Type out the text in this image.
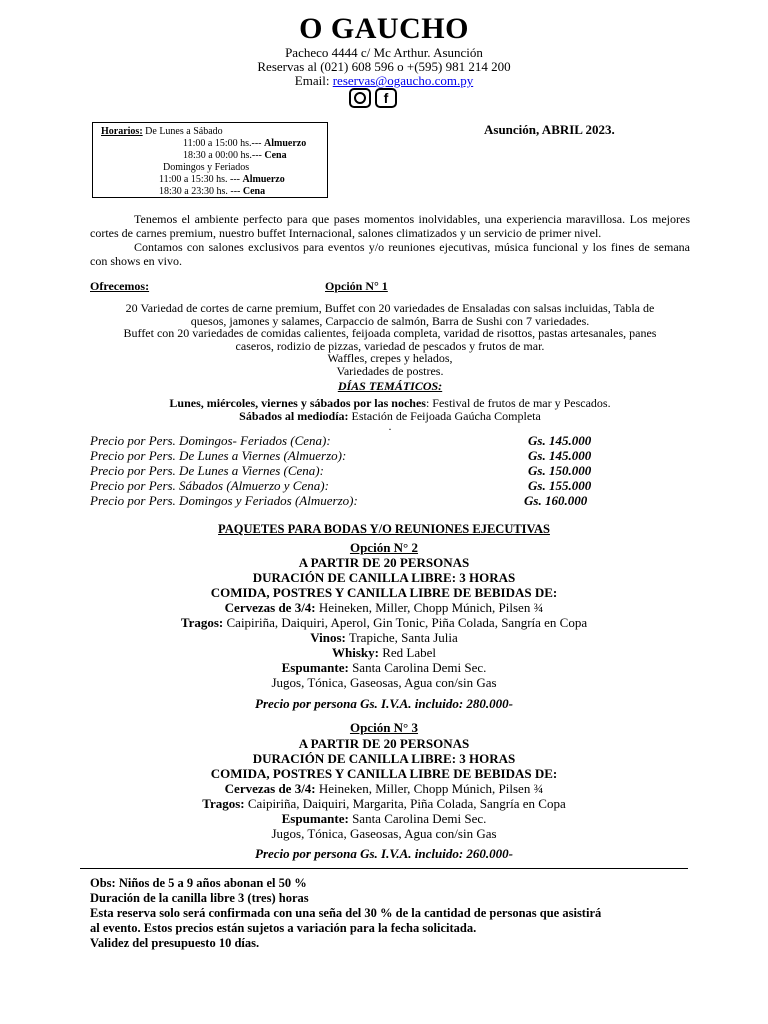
O GAUCHO
Pacheco 4444 c/ Mc Arthur. Asunción
Reservas al (021) 608 596 o +(595) 981 214 200
Email: reservas@ogaucho.com.py
f
Horarios: De Lunes a Sábado
11:00 a 15:00 hs.--- Almuerzo
18:30 a 00:00 hs.--- Cena
Domingos y Feriados
11:00 a 15:30 hs. --- Almuerzo
18:30 a 23:30 hs. --- Cena
Asunción, ABRIL 2023.
Tenemos el ambiente perfecto para que pases momentos inolvidables, una experiencia maravillosa. Los mejores cortes de carnes premium, nuestro buffet Internacional, salones climatizados y un servicio de primer nivel.
Contamos con salones exclusivos para eventos y/o reuniones ejecutivas, música funcional y los fines de semana con shows en vivo.
Ofrecemos:	Opción N° 1
20 Variedad de cortes de carne premium, Buffet con 20 variedades de Ensaladas con salsas incluidas, Tabla de
quesos, jamones y salames, Carpaccio de salmón, Barra de Sushi con 7 variedades.
Buffet con 20 variedades de comidas calientes, feijoada completa, varidad de risottos, pastas artesanales, panes
caseros, rodizio de pizzas, variedad de pescados y frutos de mar.
Waffles, crepes y helados,
Variedades de postres.
DÍAS TEMÁTICOS:
Lunes, miércoles, viernes y sábados por las noches: Festival de frutos de mar y Pescados.
Sábados al mediodía: Estación de Feijoada Gaúcha Completa
.
Precio por Pers. Domingos- Feriados (Cena):	Gs. 145.000
Precio por Pers. De Lunes a Viernes (Almuerzo):	Gs. 145.000
Precio por Pers. De Lunes a Viernes (Cena):	Gs. 150.000
Precio por Pers. Sábados (Almuerzo y Cena):	Gs. 155.000
Precio por Pers. Domingos y Feriados (Almuerzo):	Gs. 160.000
PAQUETES PARA BODAS Y/O REUNIONES EJECUTIVAS
Opción N° 2
A PARTIR DE 20 PERSONAS
DURACIÓN DE CANILLA LIBRE: 3 HORAS
COMIDA, POSTRES Y CANILLA LIBRE DE BEBIDAS DE:
Cervezas de 3/4: Heineken, Miller, Chopp Múnich, Pilsen ¾
Tragos: Caipiriña, Daiquiri, Aperol, Gin Tonic, Piña Colada, Sangría en Copa
Vinos: Trapiche, Santa Julia
Whisky: Red Label
Espumante: Santa Carolina Demi Sec.
Jugos, Tónica, Gaseosas, Agua con/sin Gas
Precio por persona Gs. I.V.A. incluido: 280.000-
Opción N° 3
A PARTIR DE 20 PERSONAS
DURACIÓN DE CANILLA LIBRE: 3 HORAS
COMIDA, POSTRES Y CANILLA LIBRE DE BEBIDAS DE:
Cervezas de 3/4: Heineken, Miller, Chopp Múnich, Pilsen ¾
Tragos: Caipiriña, Daiquiri, Margarita, Piña Colada, Sangría en Copa
Espumante: Santa Carolina Demi Sec.
Jugos, Tónica, Gaseosas, Agua con/sin Gas
Precio por persona Gs. I.V.A. incluido: 260.000-
Obs: Niños de 5 a 9 años abonan el 50 %
Duración de la canilla libre 3 (tres) horas
Esta reserva solo será confirmada con una seña del 30 % de la cantidad de personas que asistirá
al evento. Estos precios están sujetos a variación para la fecha solicitada.
Validez del presupuesto 10 días.
